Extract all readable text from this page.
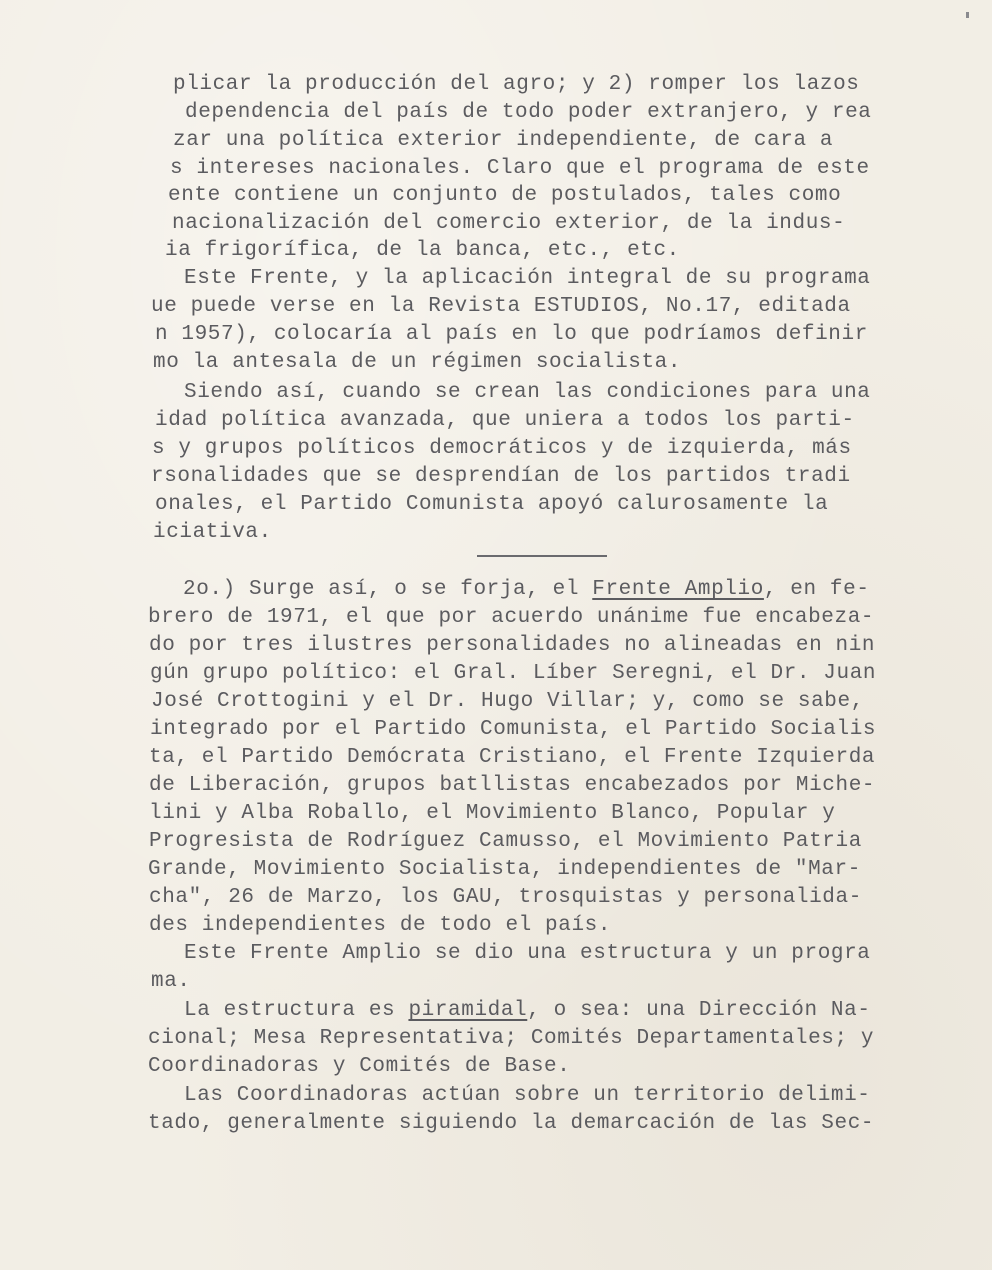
plicar la producción del agro; y 2) romper los lazos
dependencia del país de todo poder extranjero, y rea
zar una política exterior independiente, de cara a
s intereses nacionales. Claro que el programa de este
ente contiene un conjunto de postulados, tales como
nacionalización del comercio exterior, de la indus-
ia frigorífica, de la banca, etc., etc.
Este Frente, y la aplicación integral de su programa
ue puede verse en la Revista ESTUDIOS, No.17, editada
n 1957), colocaría al país en lo que podríamos definir
mo la antesala de un régimen socialista.
Siendo así, cuando se crean las condiciones para una
idad política avanzada, que uniera a todos los parti-
s y grupos políticos democráticos y de izquierda, más
rsonalidades que se desprendían de los partidos tradi
onales, el Partido Comunista apoyó calurosamente la
iciativa.
2o.) Surge así, o se forja, el Frente Amplio, en fe-
brero de 1971, el que por acuerdo unánime fue encabeza-
do por tres ilustres personalidades no alineadas en nin
gún grupo político: el Gral. Líber Seregni, el Dr. Juan
José Crottogini y el Dr. Hugo Villar; y, como se sabe,
integrado por el Partido Comunista, el Partido Socialis
ta, el Partido Demócrata Cristiano, el Frente Izquierda
de Liberación, grupos batllistas encabezados por Miche-
lini y Alba Roballo, el Movimiento Blanco, Popular y
Progresista de Rodríguez Camusso, el Movimiento Patria
Grande, Movimiento Socialista, independientes de "Mar-
cha", 26 de Marzo, los GAU, trosquistas y personalida-
des independientes de todo el país.
Este Frente Amplio se dio una estructura y un progra
ma.
La estructura es piramidal, o sea: una Dirección Na-
cional; Mesa Representativa; Comités Departamentales; y
Coordinadoras y Comités de Base.
Las Coordinadoras actúan sobre un territorio delimi-
tado, generalmente siguiendo la demarcación de las Sec-
